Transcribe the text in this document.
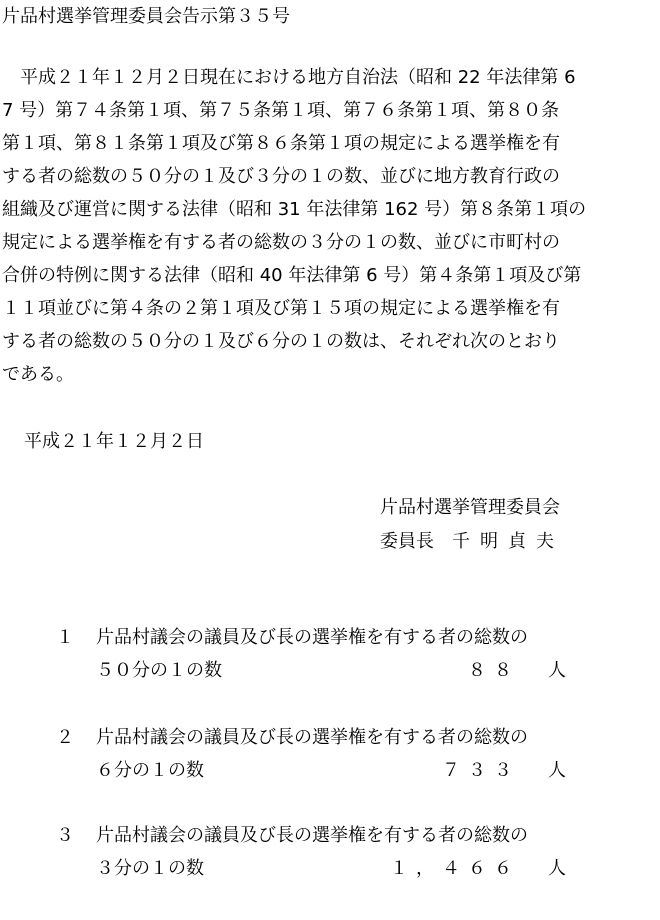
片品村選挙管理委員会告示第３５号
　平成２１年１２月２日現在における地方自治法（昭和 22 年法律第 6
7 号）第７４条第１項、第７５条第１項、第７６条第１項、第８０条
第１項、第８１条第１項及び第８６条第１項の規定による選挙権を有
する者の総数の５０分の１及び３分の１の数、並びに地方教育行政の
組織及び運営に関する法律（昭和 31 年法律第 162 号）第８条第１項の
規定による選挙権を有する者の総数の３分の１の数、並びに市町村の
合併の特例に関する法律（昭和 40 年法律第 6 号）第４条第１項及び第
１１項並びに第４条の２第１項及び第１５項の規定による選挙権を有
する者の総数の５０分の１及び６分の１の数は、それぞれ次のとおり
である。
平成２１年１２月２日
片品村選挙管理委員会
委員長 千明貞夫
１ 片品村議会の議員及び長の選挙権を有する者の総数の
５０分の１の数	８８ 人
２ 片品村議会の議員及び長の選挙権を有する者の総数の
６分の１の数	７３３ 人
３ 片品村議会の議員及び長の選挙権を有する者の総数の
３分の１の数	１，４６６ 人
